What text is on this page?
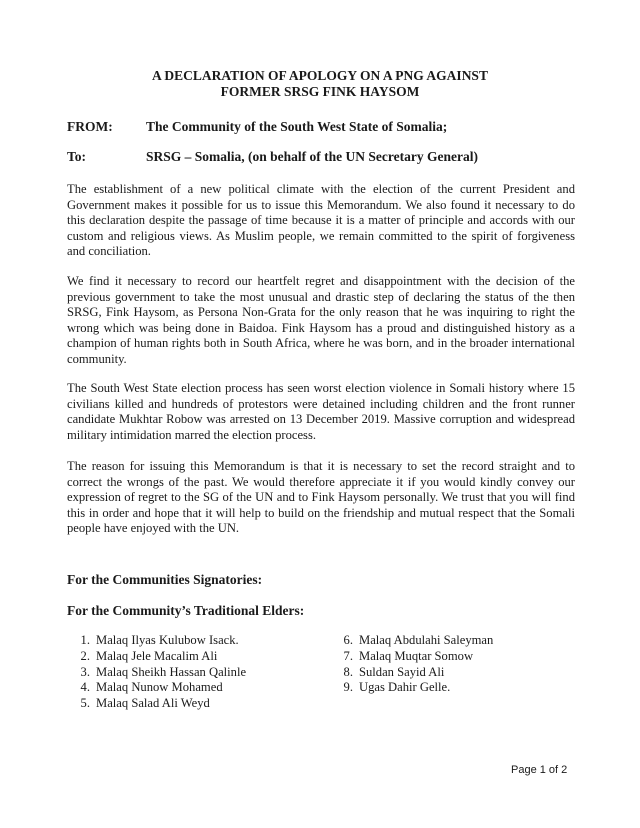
A DECLARATION OF APOLOGY ON A PNG AGAINST
FORMER SRSG FINK HAYSOM
FROM: The Community of the South West State of Somalia;
To:	SRSG – Somalia, (on behalf of the UN Secretary General)

The establishment of a new political climate with the election of the current President and Government makes it possible for us to issue this Memorandum. We also found it necessary to do this declaration despite the passage of time because it is a matter of principle and accords with our custom and religious views. As Muslim people, we remain committed to the spirit of forgiveness and conciliation.

We find it necessary to record our heartfelt regret and disappointment with the decision of the previous government to take the most unusual and drastic step of declaring the status of the then SRSG, Fink Haysom, as Persona Non-Grata for the only reason that he was inquiring to right the wrong which was being done in Baidoa. Fink Haysom has a proud and distinguished history as a champion of human rights both in South Africa, where he was born, and in the broader international community.

The South West State election process has seen worst election violence in Somali history where 15 civilians killed and hundreds of protestors were detained including children and the front runner candidate Mukhtar Robow was arrested on 13 December 2019. Massive corruption and widespread military intimidation marred the election process.

The reason for issuing this Memorandum is that it is necessary to set the record straight and to correct the wrongs of the past. We would therefore appreciate it if you would kindly convey our expression of regret to the SG of the UN and to Fink Haysom personally. We trust that you will find this in order and hope that it will help to build on the friendship and mutual respect that the Somali people have enjoyed with the UN.

For the Communities Signatories:
For the Community’s Traditional Elders:
1. Malaq Ilyas Kulubow Isack.
2. Malaq Jele Macalim Ali
3. Malaq Sheikh Hassan Qalinle
4. Malaq Nunow Mohamed
5. Malaq Salad Ali Weyd
6. Malaq Abdulahi Saleyman
7. Malaq Muqtar Somow
8. Suldan Sayid Ali
9. Ugas Dahir Gelle.
Page 1 of 2
